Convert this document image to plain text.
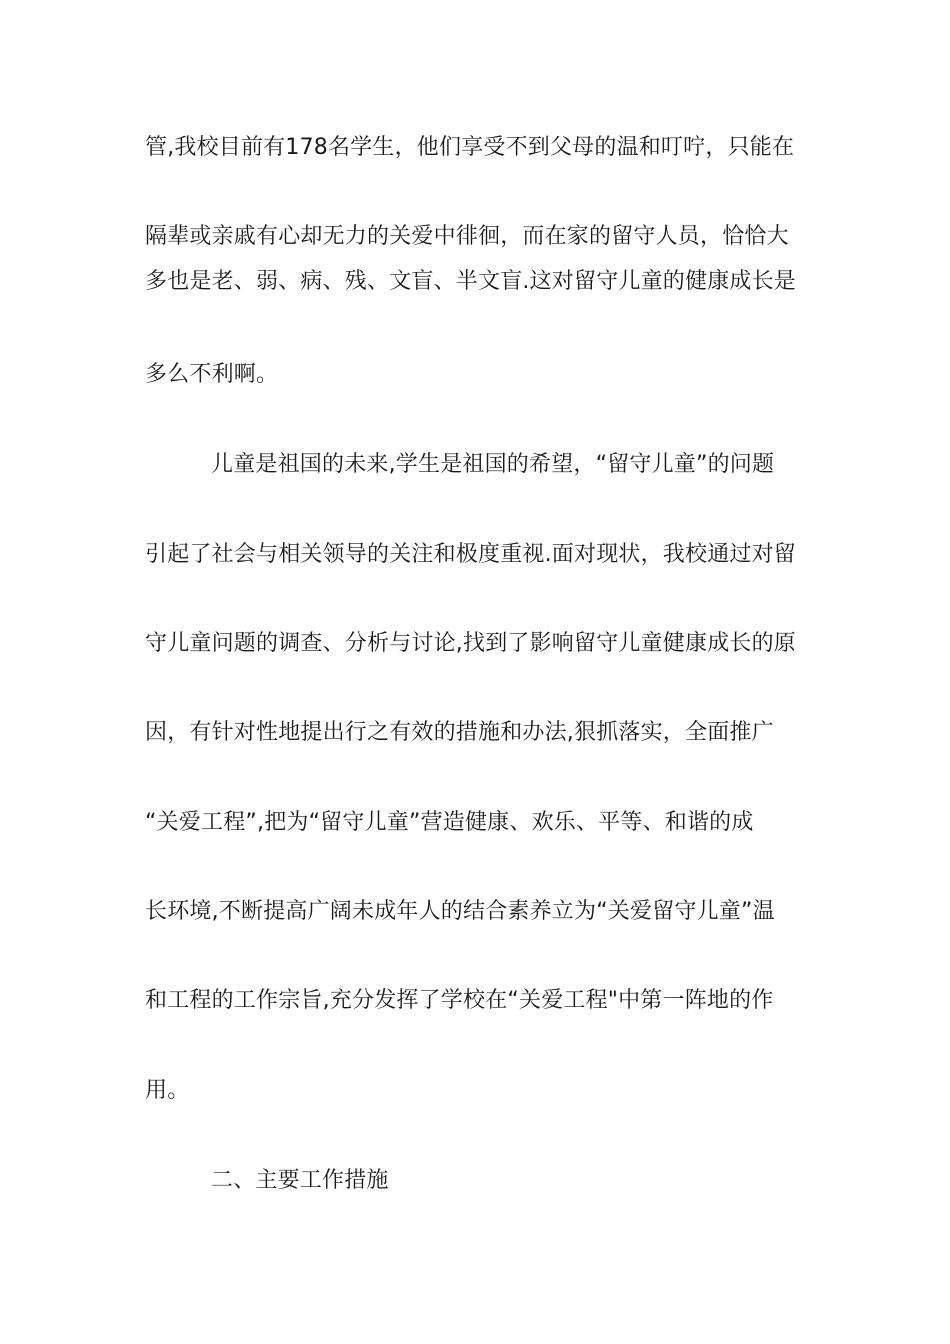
管,我校目前有178名学生，他们享受不到父母的温和叮咛，只能在
隔辈或亲戚有心却无力的关爱中徘徊，而在家的留守人员，恰恰大
多也是老、弱、病、残、文盲、半文盲.这对留守儿童的健康成长是
多么不利啊。
儿童是祖国的未来,学生是祖国的希望，“留守儿童”的问题
引起了社会与相关领导的关注和极度重视.面对现状，我校通过对留
守儿童问题的调查、分析与讨论,找到了影响留守儿童健康成长的原
因，有针对性地提出行之有效的措施和办法,狠抓落实，全面推广
“关爱工程”,把为“留守儿童”营造健康、欢乐、平等、和谐的成
长环境,不断提高广阔未成年人的结合素养立为“关爱留守儿童”温
和工程的工作宗旨,充分发挥了学校在“关爱工程"中第一阵地的作
用。
二、主要工作措施
